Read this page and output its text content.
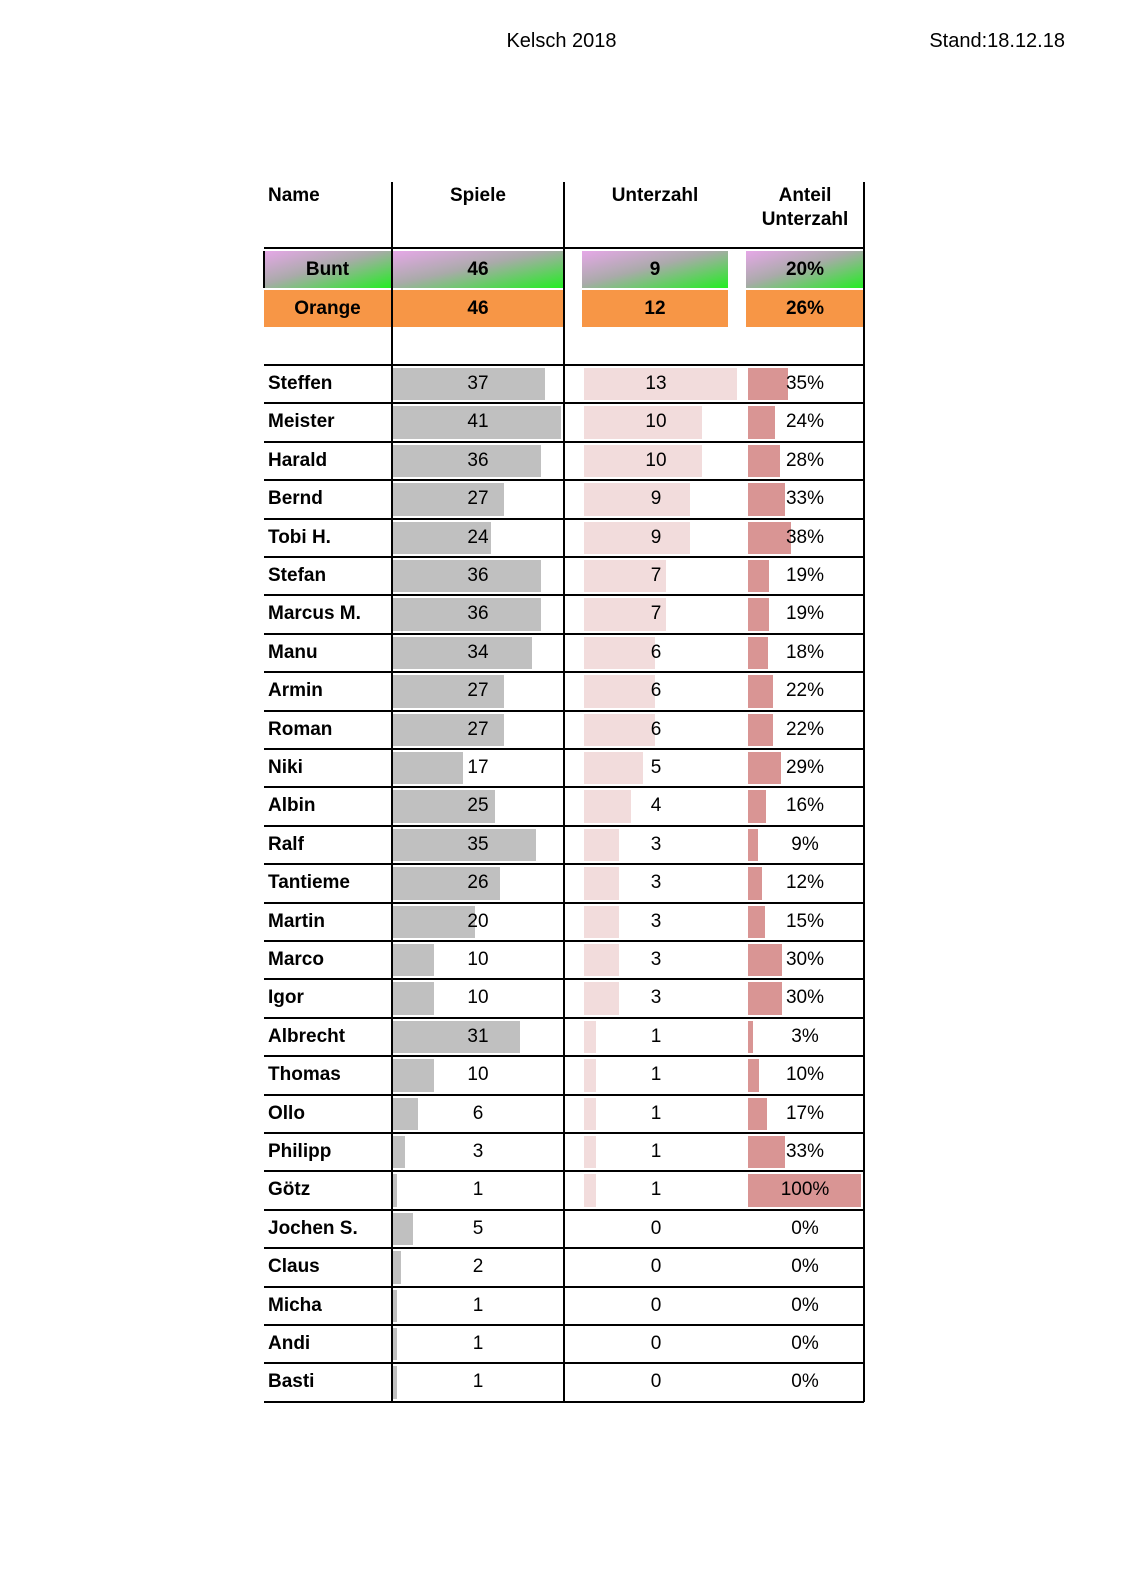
Kelsch 2018	Stand:18.12.18
Name	Spiele	Unterzahl	Anteil
Unterzahl
Bunt	46	9	20%
Orange	46	12	26%
Steffen	37	13	35%
Meister	41	10	24%
Harald	36	10	28%
Bernd	27	9	33%
Tobi H.	24	9	38%
Stefan	36	7	19%
Marcus M.	36	7	19%
Manu	34	6	18%
Armin	27	6	22%
Roman	27	6	22%
Niki	17	5	29%
Albin	25	4	16%
Ralf	35	3	9%
Tantieme	26	3	12%
Martin	20	3	15%
Marco	10	3	30%
Igor	10	3	30%
Albrecht	31	1	3%
Thomas	10	1	10%
Ollo	6	1	17%
Philipp	3	1	33%
Götz	1	1	100%
Jochen S.	5	0	0%
Claus	2	0	0%
Micha	1	0	0%
Andi	1	0	0%
Basti	1	0	0%
